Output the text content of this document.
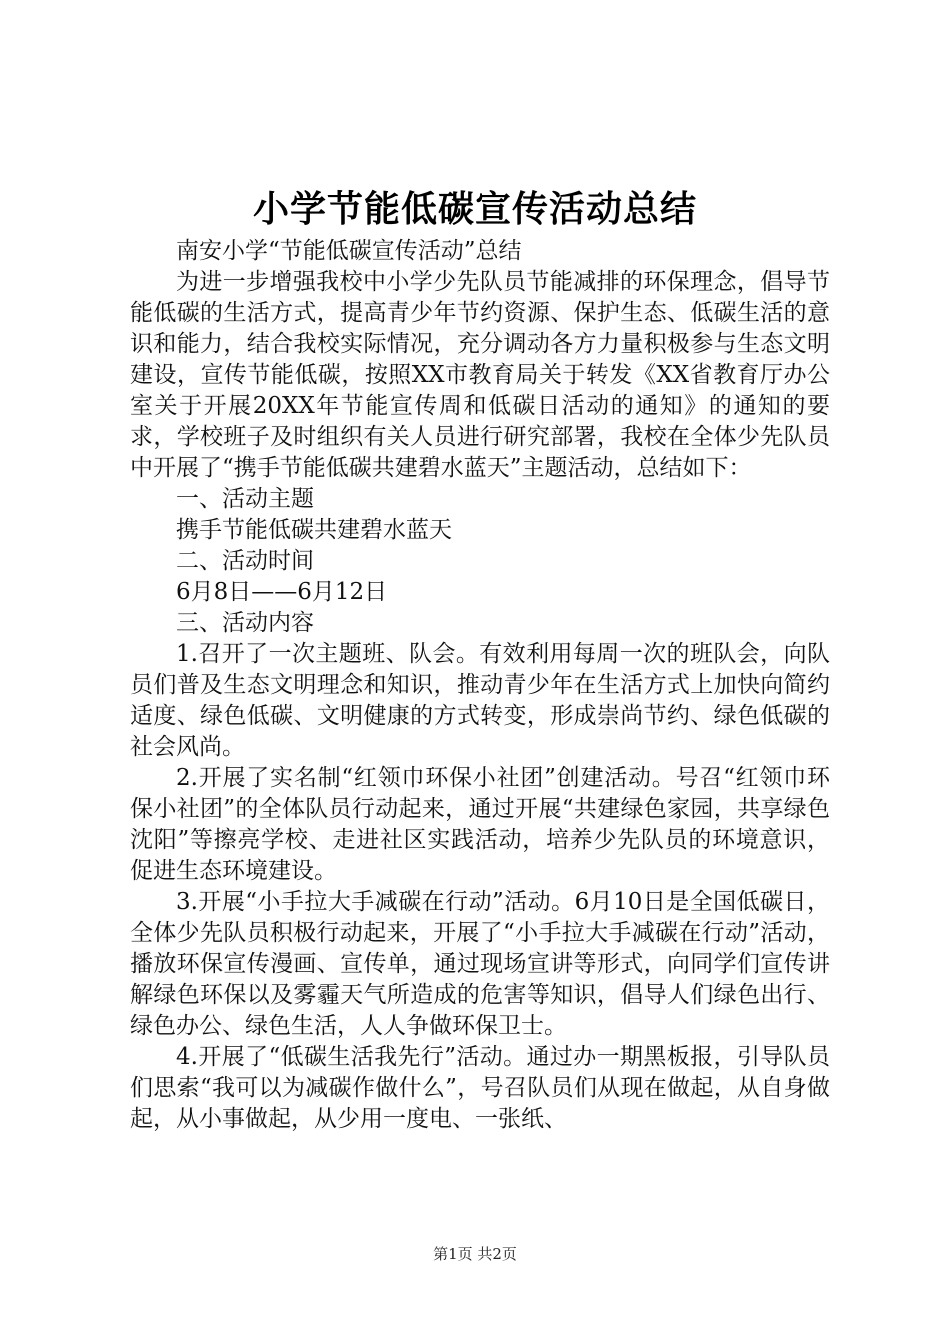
小学节能低碳宣传活动总结

南安小学“节能低碳宣传活动”总结

为进一步增强我校中小学少先队员节能减排的环保理念，倡导节能低碳的生活方式，提高青少年节约资源、保护生态、低碳生活的意识和能力，结合我校实际情况，充分调动各方力量积极参与生态文明建设，宣传节能低碳，按照XX市教育局关于转发《XX省教育厅办公室关于开展20XX年节能宣传周和低碳日活动的通知》的通知的要求，学校班子及时组织有关人员进行研究部署，我校在全体少先队员中开展了“携手节能低碳共建碧水蓝天”主题活动，总结如下：

一、活动主题

携手节能低碳共建碧水蓝天

二、活动时间

6月8日——6月12日

三、活动内容

1.召开了一次主题班、队会。有效利用每周一次的班队会，向队员们普及生态文明理念和知识，推动青少年在生活方式上加快向简约适度、绿色低碳、文明健康的方式转变，形成崇尚节约、绿色低碳的社会风尚。

2.开展了实名制“红领巾环保小社团”创建活动。号召“红领巾环保小社团”的全体队员行动起来，通过开展“共建绿色家园，共享绿色沈阳”等擦亮学校、走进社区实践活动，培养少先队员的环境意识，促进生态环境建设。

3.开展“小手拉大手减碳在行动”活动。6月10日是全国低碳日，全体少先队员积极行动起来，开展了“小手拉大手减碳在行动”活动，播放环保宣传漫画、宣传单，通过现场宣讲等形式，向同学们宣传讲解绿色环保以及雾霾天气所造成的危害等知识，倡导人们绿色出行、绿色办公、绿色生活，人人争做环保卫士。

4.开展了“低碳生活我先行”活动。通过办一期黑板报，引导队员们思索“我可以为减碳作做什么”，号召队员们从现在做起，从自身做起，从小事做起，从少用一度电、一张纸、

第1页 共2页
